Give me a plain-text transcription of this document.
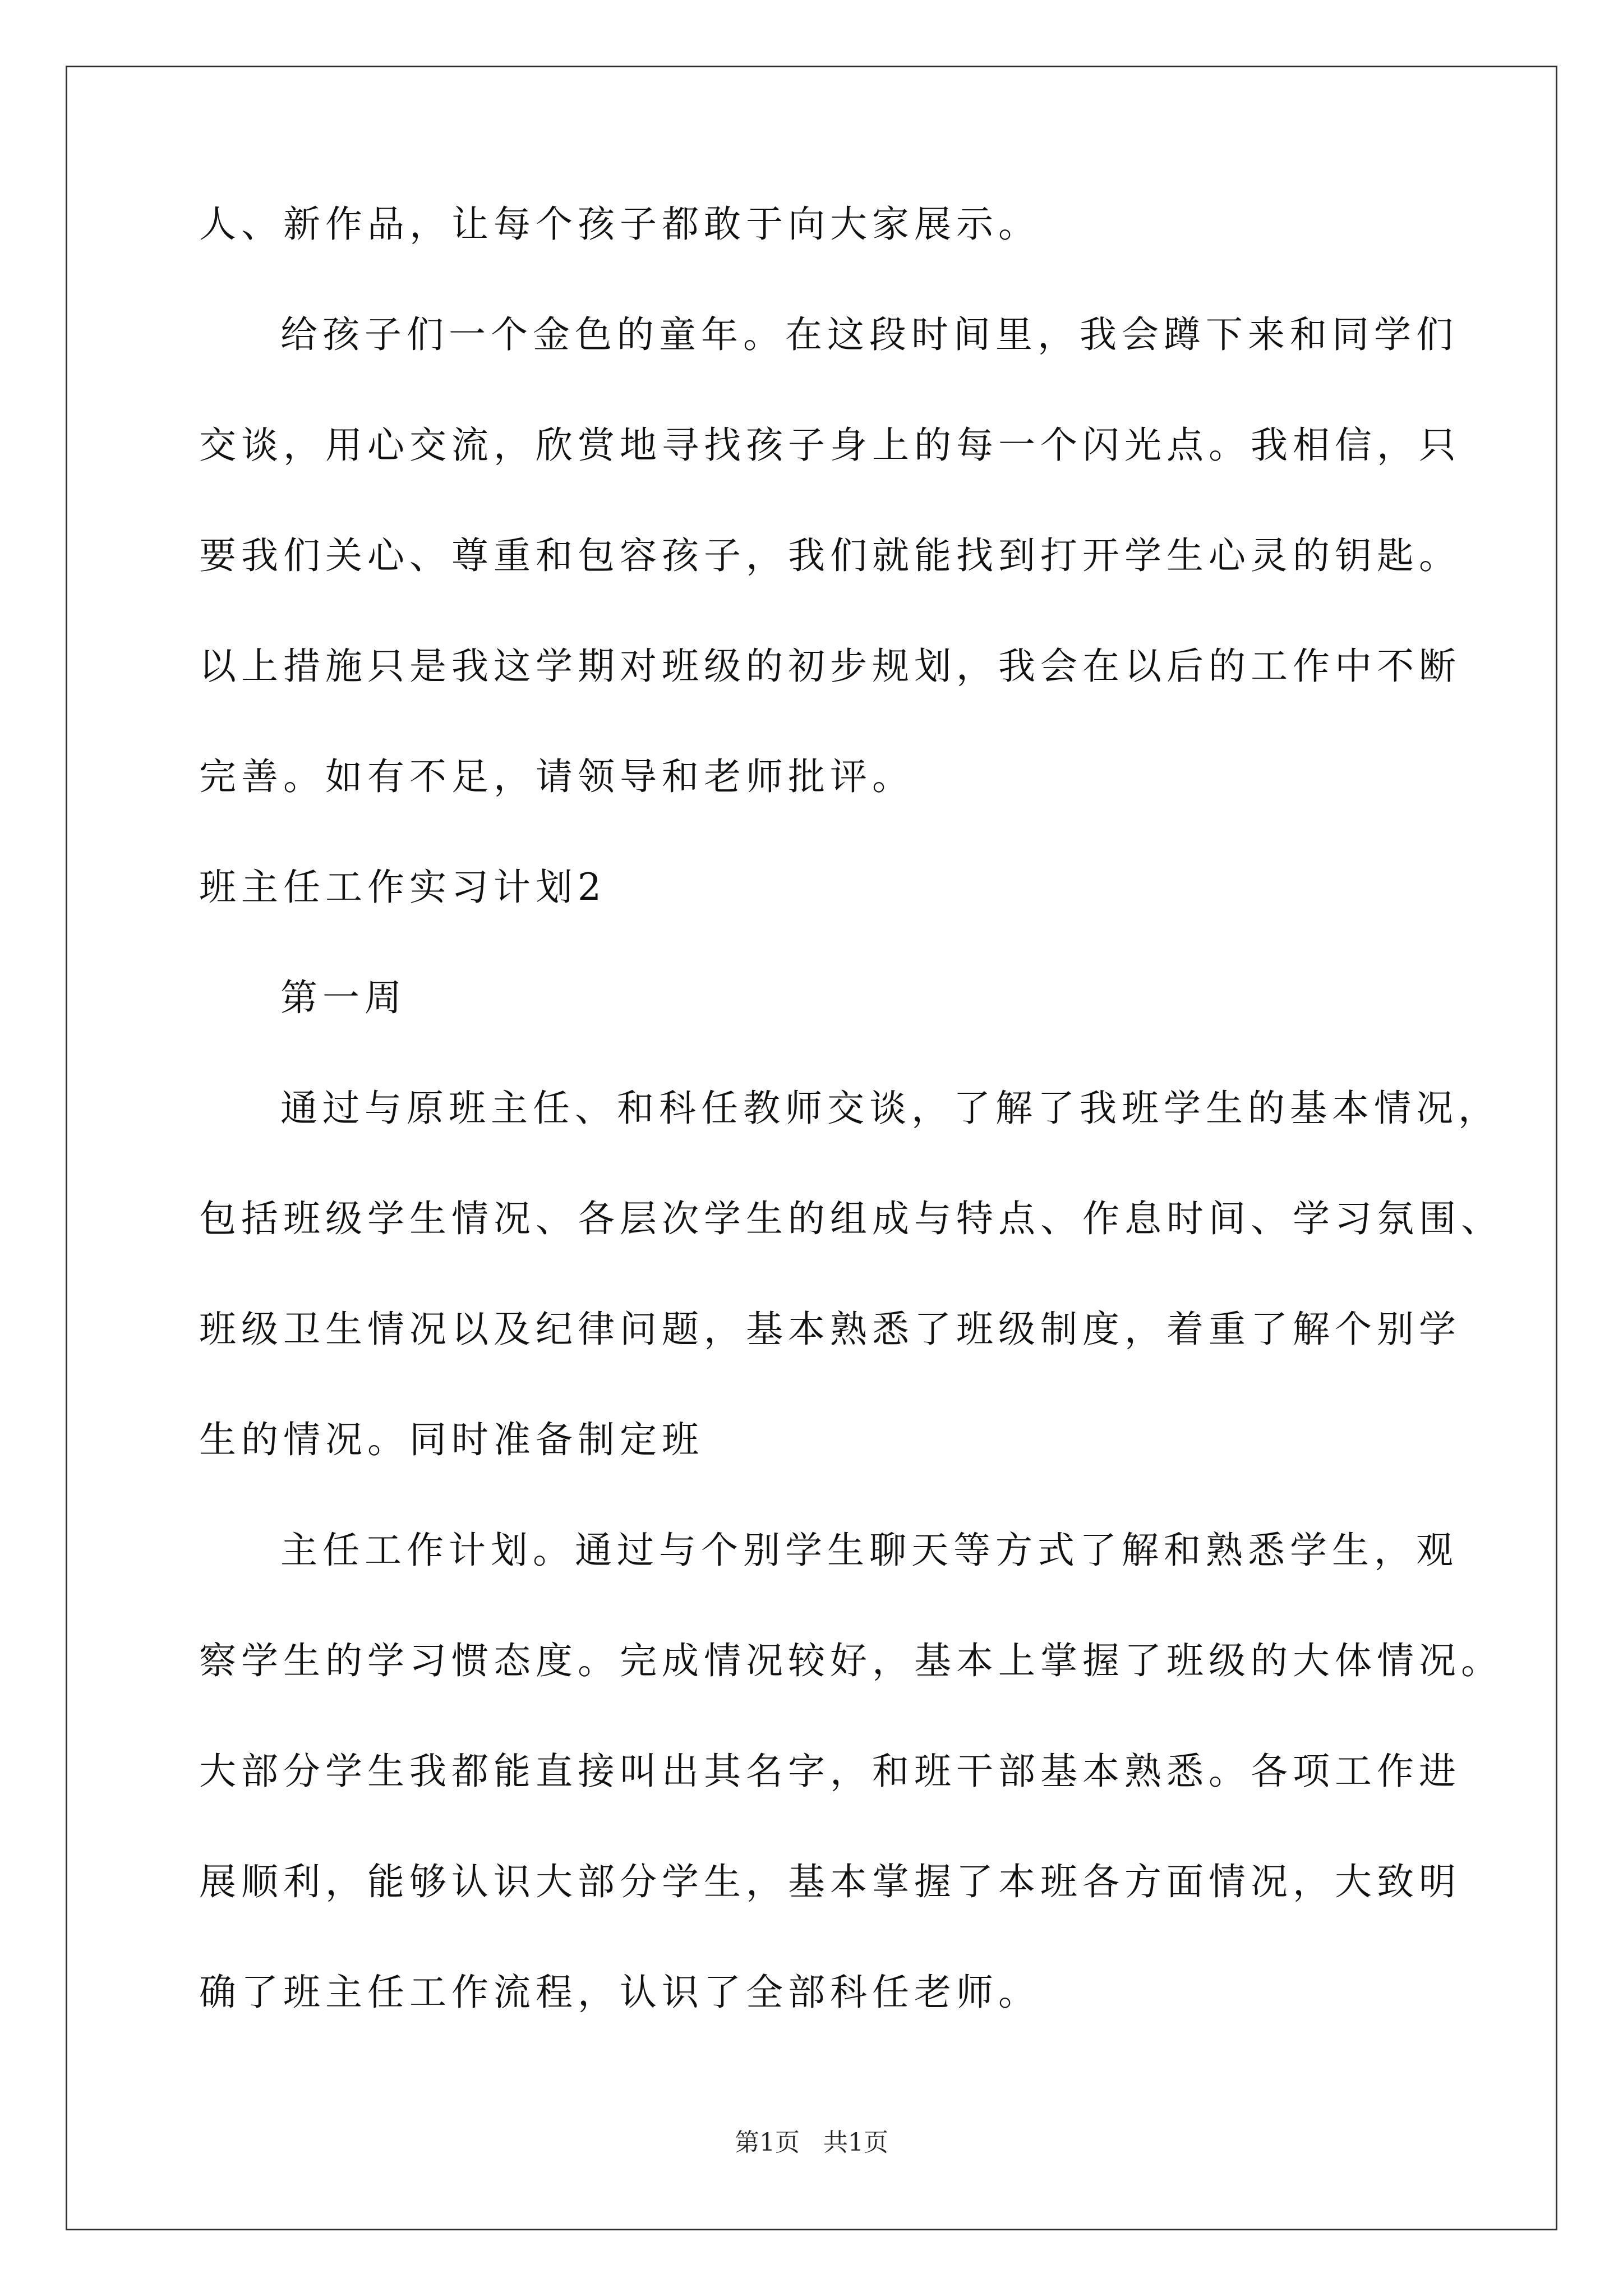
人、新作品，让每个孩子都敢于向大家展示。
给孩子们一个金色的童年。在这段时间里，我会蹲下来和同学们
交谈，用心交流，欣赏地寻找孩子身上的每一个闪光点。我相信，只
要我们关心、尊重和包容孩子，我们就能找到打开学生心灵的钥匙。
以上措施只是我这学期对班级的初步规划，我会在以后的工作中不断
完善。如有不足，请领导和老师批评。
班主任工作实习计划2
第一周
通过与原班主任、和科任教师交谈，了解了我班学生的基本情况，
包括班级学生情况、各层次学生的组成与特点、作息时间、学习氛围、
班级卫生情况以及纪律问题，基本熟悉了班级制度，着重了解个别学
生的情况。同时准备制定班
主任工作计划。通过与个别学生聊天等方式了解和熟悉学生，观
察学生的学习惯态度。完成情况较好，基本上掌握了班级的大体情况。
大部分学生我都能直接叫出其名字，和班干部基本熟悉。各项工作进
展顺利，能够认识大部分学生，基本掌握了本班各方面情况，大致明
确了班主任工作流程，认识了全部科任老师。
第1页 共1页
